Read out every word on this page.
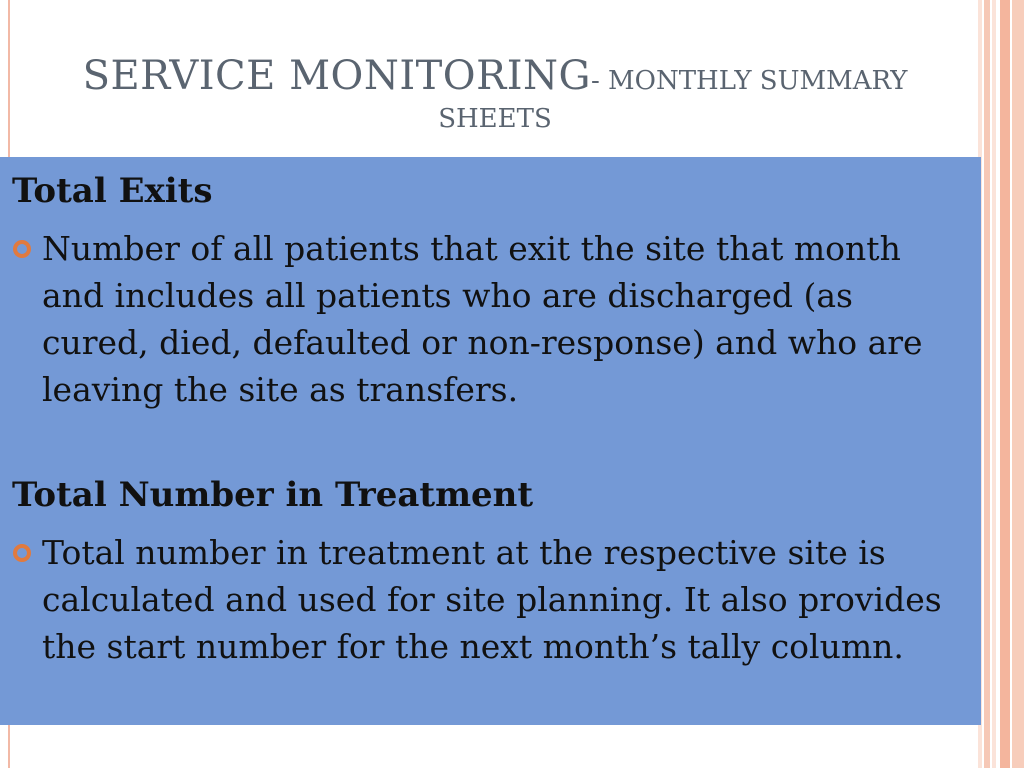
SERVICE MONITORING- MONTHLY SUMMARY
SHEETS
Total Exits
Number of all patients that exit the site that month and includes all patients who are discharged (as cured, died, defaulted or non-response) and who are leaving the site as transfers.
Total Number in Treatment
Total number in treatment at the respective site is calculated and used for site planning. It also provides the start number for the next month’s tally column.
